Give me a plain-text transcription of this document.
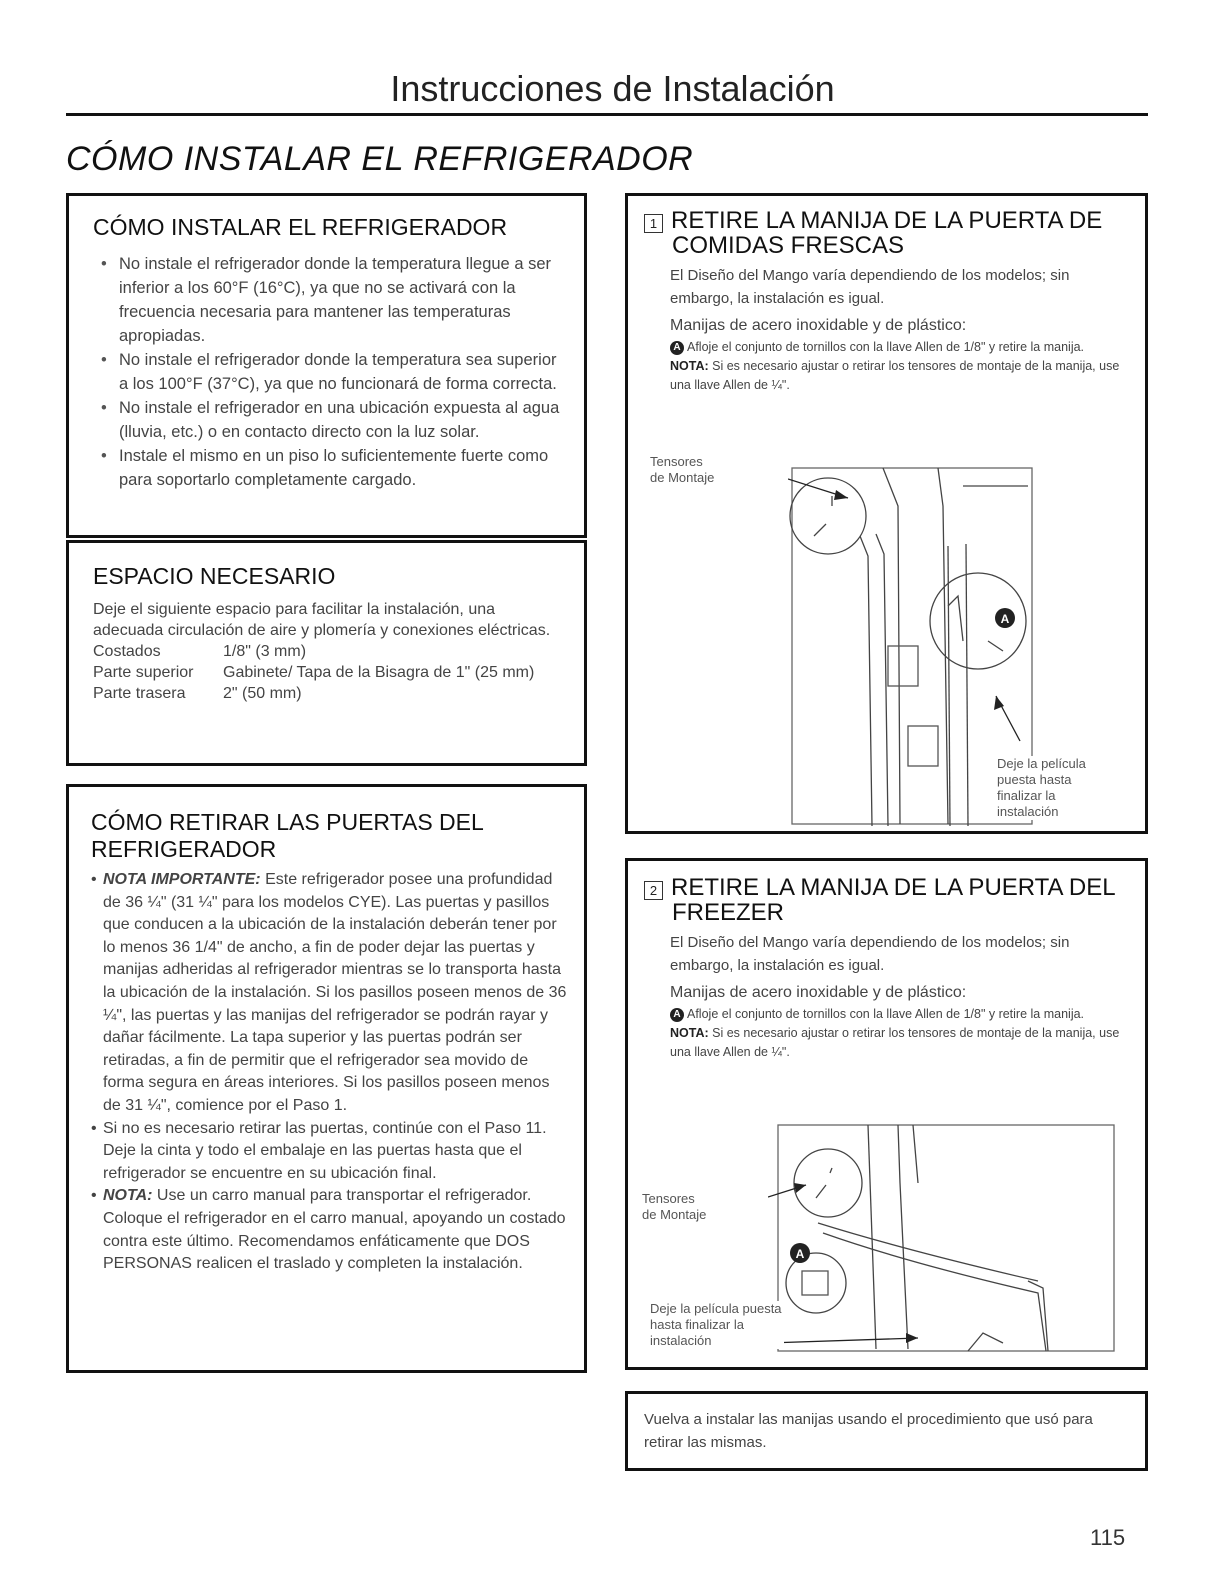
Instrucciones de Instalación
CÓMO INSTALAR EL REFRIGERADOR
CÓMO INSTALAR EL REFRIGERADOR
• No instale el refrigerador donde la temperatura llegue a ser inferior a los 60°F (16°C), ya que no se activará con la frecuencia necesaria para mantener las temperaturas apropiadas.
• No instale el refrigerador donde la temperatura sea superior a los 100°F (37°C), ya que no funcionará de forma correcta.
• No instale el refrigerador en una ubicación expuesta al agua (lluvia, etc.) o en contacto directo con la luz solar.
• Instale el mismo en un piso lo suficientemente fuerte como para soportarlo completamente cargado.
ESPACIO NECESARIO
Deje el siguiente espacio para facilitar la instalación, una adecuada circulación de aire y plomería y conexiones eléctricas.
Costados	1/8" (3 mm)
Parte superior	Gabinete/ Tapa de la Bisagra de 1" (25 mm)
Parte trasera	2" (50 mm)
CÓMO RETIRAR LAS PUERTAS DEL
REFRIGERADOR
• NOTA IMPORTANTE: Este refrigerador posee una profundidad de 36 ¼" (31 ¼" para los modelos CYE). Las puertas y pasillos que conducen a la ubicación de la instalación deberán tener por lo menos 36 1/4" de ancho, a fin de poder dejar las puertas y manijas adheridas al refrigerador mientras se lo transporta hasta la ubicación de la instalación. Si los pasillos poseen menos de 36 ¼", las puertas y las manijas del refrigerador se podrán rayar y dañar fácilmente. La tapa superior y las puertas podrán ser retiradas, a fin de permitir que el refrigerador sea movido de forma segura en áreas interiores. Si los pasillos poseen menos de 31 ¼", comience por el Paso 1.
• Si no es necesario retirar las puertas, continúe con el Paso 11. Deje la cinta y todo el embalaje en las puertas hasta que el refrigerador se encuentre en su ubicación final.
• NOTA: Use un carro manual para transportar el refrigerador. Coloque el refrigerador en el carro manual, apoyando un costado contra este último. Recomendamos enfáticamente que DOS PERSONAS realicen el traslado y completen la instalación.
1 RETIRE LA MANIJA DE LA PUERTA DE
COMIDAS FRESCAS
El Diseño del Mango varía dependiendo de los modelos; sin embargo, la instalación es igual.
Manijas de acero inoxidable y de plástico:
A Afloje el conjunto de tornillos con la llave Allen de 1/8" y retire la manija.
NOTA: Si es necesario ajustar o retirar los tensores de montaje de la manija, use una llave Allen de ¼".
Tensores
de Montaje
A
Deje la película
puesta hasta
finalizar la
instalación
2 RETIRE LA MANIJA DE LA PUERTA DEL
FREEZER
El Diseño del Mango varía dependiendo de los modelos; sin embargo, la instalación es igual.
Manijas de acero inoxidable y de plástico:
A Afloje el conjunto de tornillos con la llave Allen de 1/8" y retire la manija.
NOTA: Si es necesario ajustar o retirar los tensores de montaje de la manija, use una llave Allen de ¼".
Tensores
de Montaje
A
Deje la película puesta
hasta finalizar la
instalación
Vuelva a instalar las manijas usando el procedimiento que usó para retirar las mismas.
115
